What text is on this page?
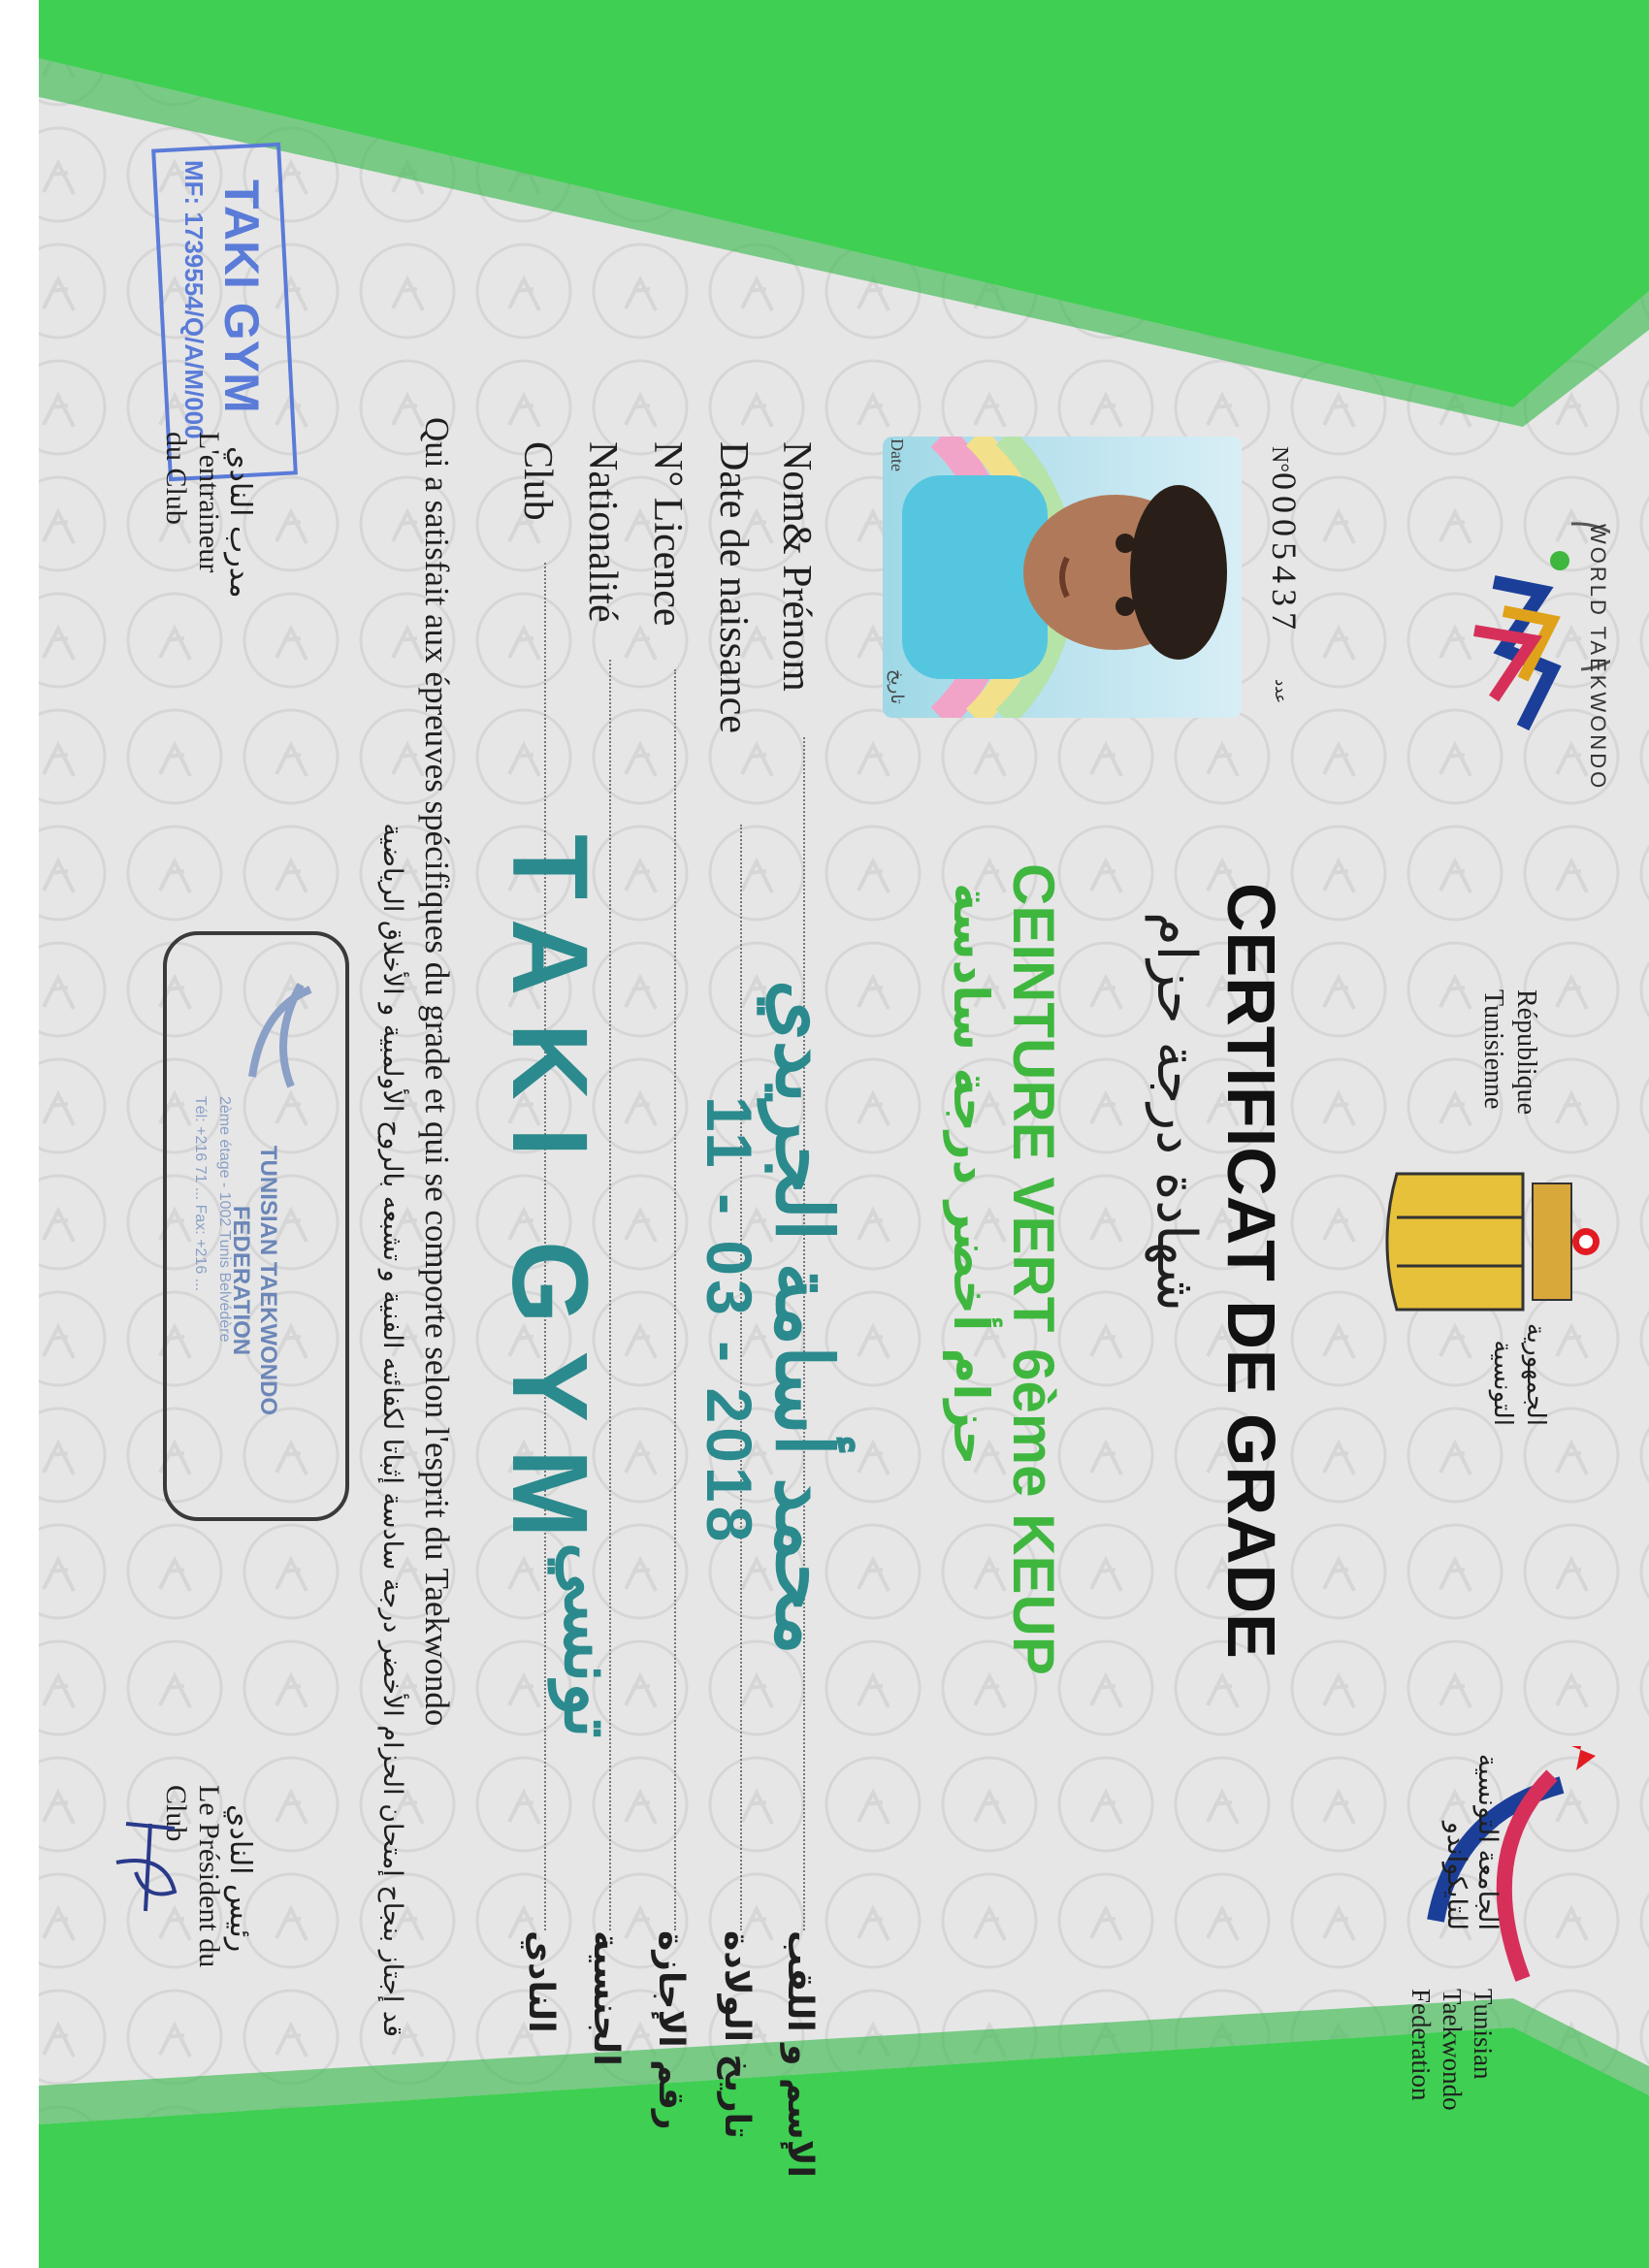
WORLD TAEKWONDO
République Tunisienne
الجمهورية التونسية
الجامعة التونسية للتايكواندو
Tunisian Taekwondo Federation
N°0005437
عدد
Date
تاريخ
CERTIFICAT DE GRADE
شهادة درجة حزام
CEINTURE VERT 6ème KEUP
حزام أخضر درجة سادسة
Nom& Prénom
محمد أسامة الجريدي
الإسم و اللقب
Date de naissance
11 - 03 - 2018
تاريخ الولادة
N° Licence
رقم الإجازة
Nationalité
تونسي
الجنسية
Club
TAKI GYM
النادي
Qui a satisfait aux épreuves spécifiques du grade et qui se comporte selon l'esprit du Taekwondo
قد إجتاز بنجاح إمتحان الحزام الأخضر درجة سادسة إثباتا لكفائته الفنية و تشبعه بالروح الأولمبية و الأخلاق الرياضية
TUNISIAN TAEKWONDO FEDERATION
2ème étage - 1002 Tunis Belvédère
Tél: +216 71 ... Fax: +216 ...
TAKI GYM
MF: 1739554/Q/A/M/000
مدرب النادي
L'entraineur du Club
رئيس النادي
Le Président du Club
